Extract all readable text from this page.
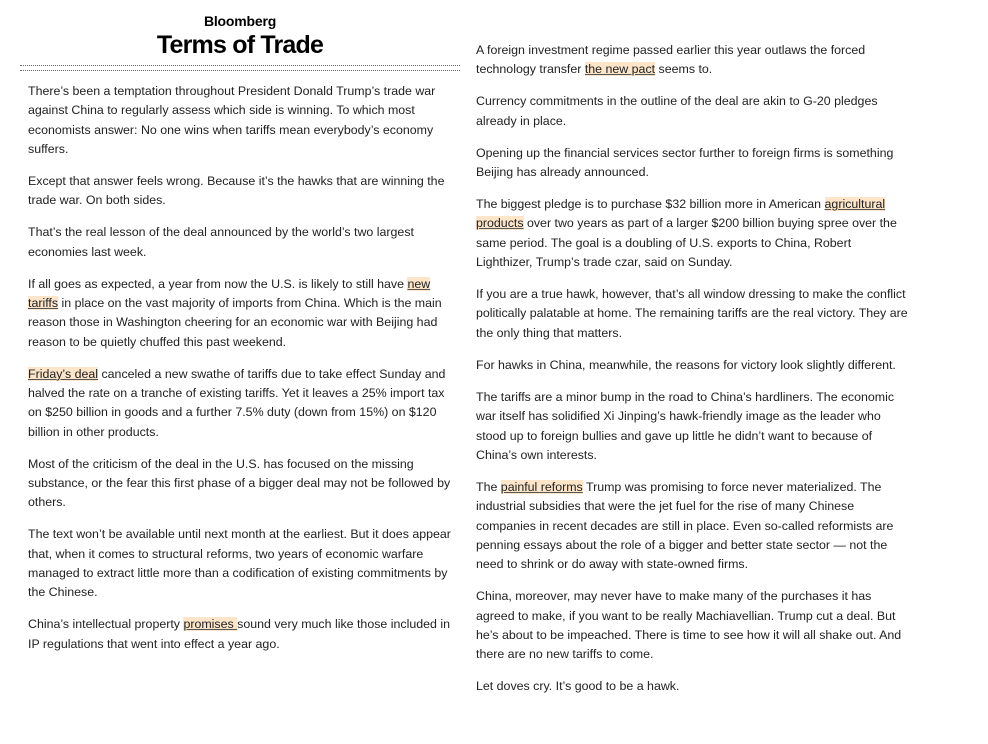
Bloomberg
Terms of Trade

There’s been a temptation throughout President Donald Trump’s trade war against China to regularly assess which side is winning. To which most economists answer: No one wins when tariffs mean everybody’s economy suffers.

Except that answer feels wrong. Because it’s the hawks that are winning the trade war. On both sides.

That’s the real lesson of the deal announced by the world’s two largest economies last week.

If all goes as expected, a year from now the U.S. is likely to still have new tariffs in place on the vast majority of imports from China. Which is the main reason those in Washington cheering for an economic war with Beijing had reason to be quietly chuffed this past weekend.

Friday’s deal canceled a new swathe of tariffs due to take effect Sunday and halved the rate on a tranche of existing tariffs. Yet it leaves a 25% import tax on $250 billion in goods and a further 7.5% duty (down from 15%) on $120 billion in other products.

Most of the criticism of the deal in the U.S. has focused on the missing substance, or the fear this first phase of a bigger deal may not be followed by others.

The text won’t be available until next month at the earliest. But it does appear that, when it comes to structural reforms, two years of economic warfare managed to extract little more than a codification of existing commitments by the Chinese.

China’s intellectual property promises sound very much like those included in IP regulations that went into effect a year ago.

A foreign investment regime passed earlier this year outlaws the forced technology transfer the new pact seems to.

Currency commitments in the outline of the deal are akin to G-20 pledges already in place.

Opening up the financial services sector further to foreign firms is something Beijing has already announced.

The biggest pledge is to purchase $32 billion more in American agricultural products over two years as part of a larger $200 billion buying spree over the same period. The goal is a doubling of U.S. exports to China, Robert Lighthizer, Trump’s trade czar, said on Sunday.

If you are a true hawk, however, that’s all window dressing to make the conflict politically palatable at home. The remaining tariffs are the real victory. They are the only thing that matters.

For hawks in China, meanwhile, the reasons for victory look slightly different.

The tariffs are a minor bump in the road to China’s hardliners. The economic war itself has solidified Xi Jinping’s hawk-friendly image as the leader who stood up to foreign bullies and gave up little he didn’t want to because of China’s own interests.

The painful reforms Trump was promising to force never materialized. The industrial subsidies that were the jet fuel for the rise of many Chinese companies in recent decades are still in place. Even so-called reformists are penning essays about the role of a bigger and better state sector — not the need to shrink or do away with state-owned firms.

China, moreover, may never have to make many of the purchases it has agreed to make, if you want to be really Machiavellian. Trump cut a deal. But he’s about to be impeached. There is time to see how it will all shake out. And there are no new tariffs to come.

Let doves cry. It’s good to be a hawk.
